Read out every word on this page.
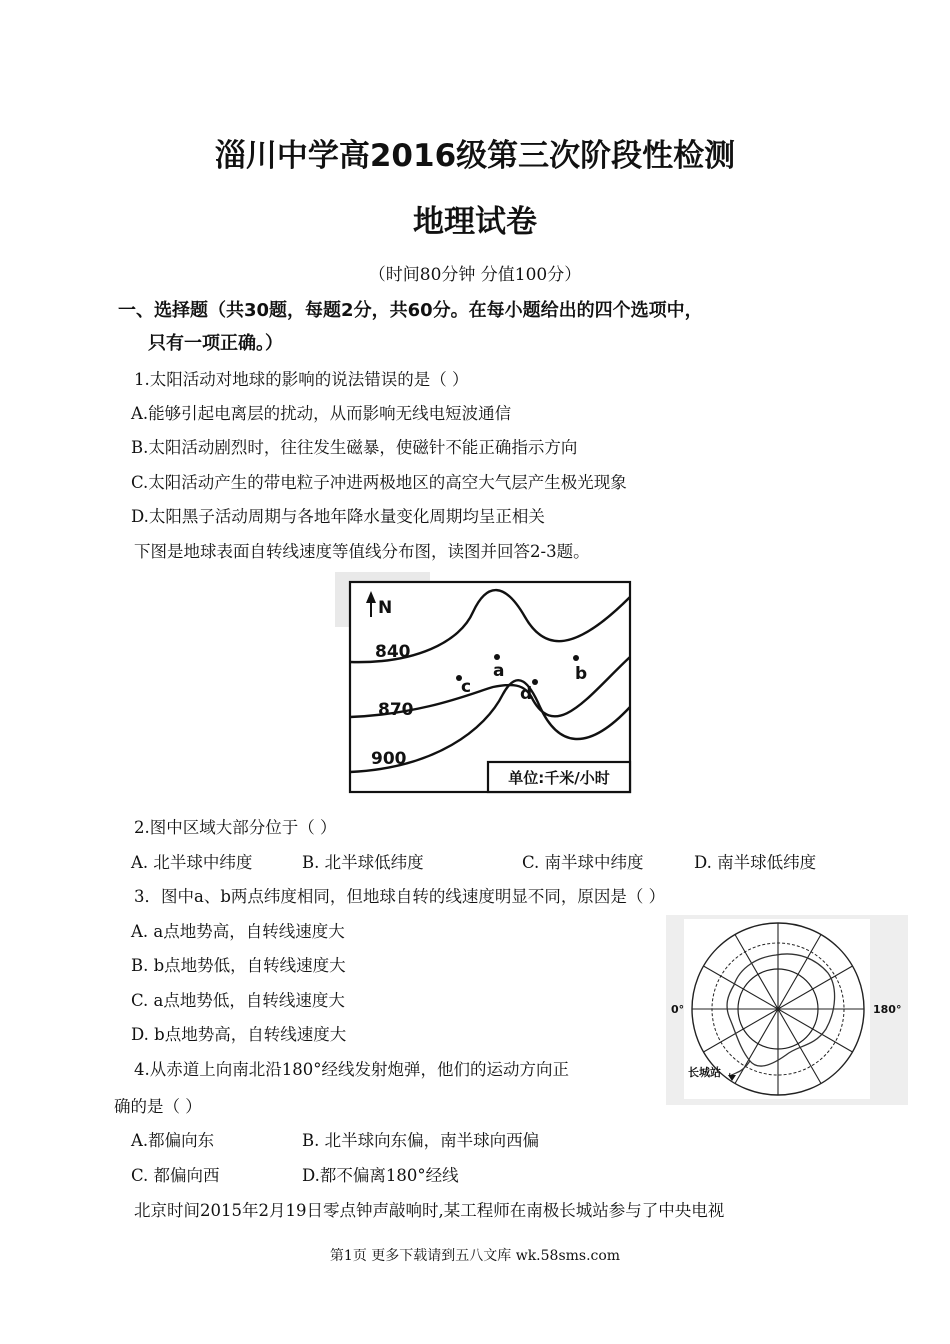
淄川中学高2016级第三次阶段性检测
地理试卷
（时间80分钟 分值100分）
一、选择题（共30题，每题2分，共60分。在每小题给出的四个选项中，
只有一项正确。）
1.太阳活动对地球的影响的说法错误的是（ ）
A.能够引起电离层的扰动，从而影响无线电短波通信
B.太阳活动剧烈时，往往发生磁暴，使磁针不能正确指示方向
C.太阳活动产生的带电粒子冲进两极地区的高空大气层产生极光现象
D.太阳黑子活动周期与各地年降水量变化周期均呈正相关
下图是地球表面自转线速度等值线分布图，读图并回答2-3题。
N
840
870
900
a	b
c	d
单位:千米/小时
2.图中区域大部分位于（ ）
A. 北半球中纬度	B. 北半球低纬度	C. 南半球中纬度	D. 南半球低纬度
3．图中a、b两点纬度相同，但地球自转的线速度明显不同，原因是（ ）
A. a点地势高，自转线速度大
B. b点地势低，自转线速度大
C. a点地势低，自转线速度大
D. b点地势高，自转线速度大
0°	180°
长城站
4.从赤道上向南北沿180°经线发射炮弹，他们的运动方向正
确的是（ ）
A.都偏向东	B. 北半球向东偏，南半球向西偏
C. 都偏向西	D.都不偏离180°经线
北京时间2015年2月19日零点钟声敲响时,某工程师在南极长城站参与了中央电视
第1页 更多下载请到五八文库 wk.58sms.com
